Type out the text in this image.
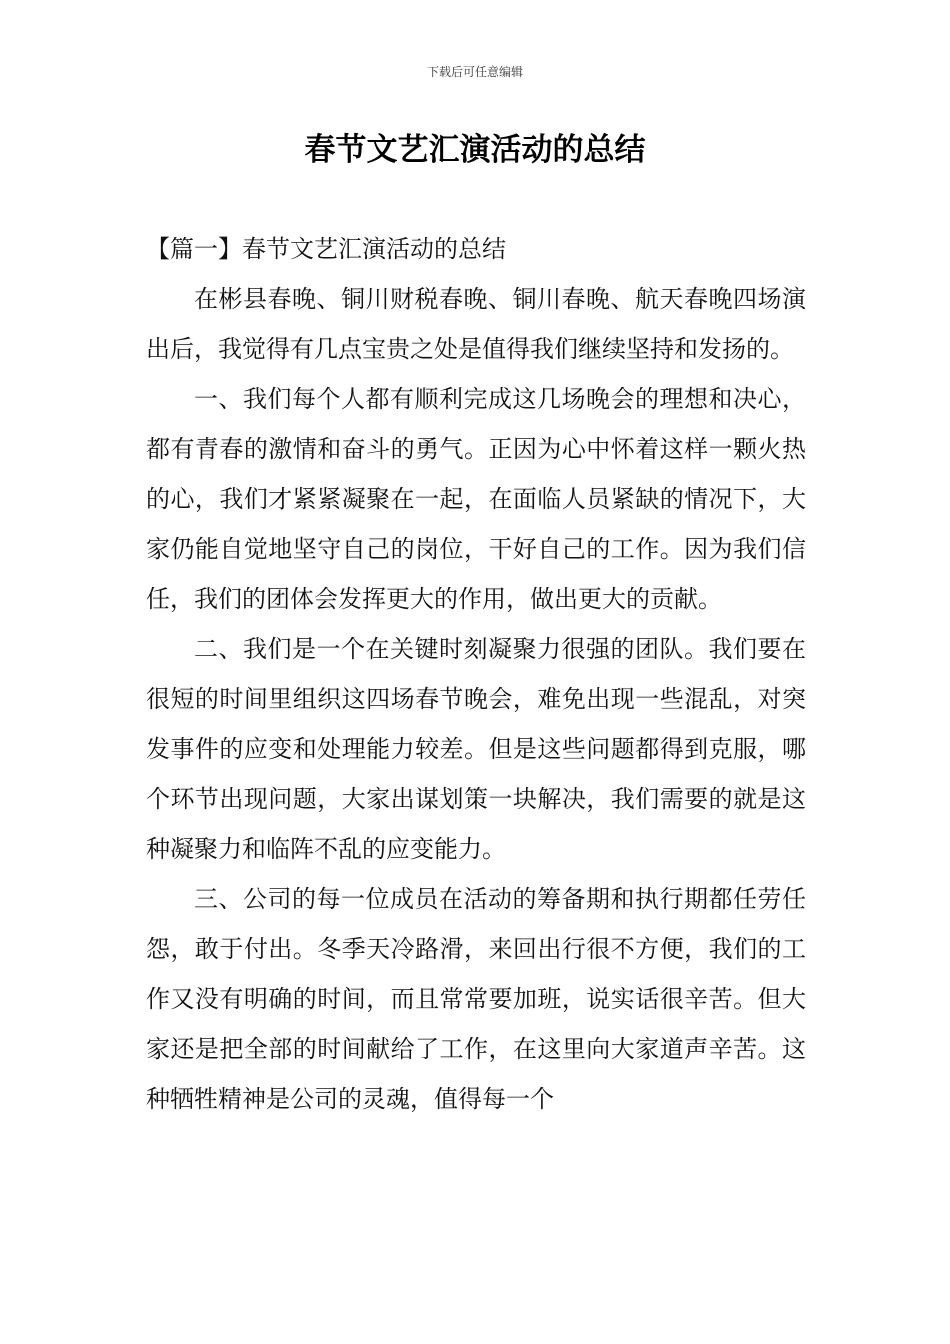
下载后可任意编辑
春节文艺汇演活动的总结

【篇一】春节文艺汇演活动的总结

在彬县春晚、铜川财税春晚、铜川春晚、航天春晚四场演出后，我觉得有几点宝贵之处是值得我们继续坚持和发扬的。

一、我们每个人都有顺利完成这几场晚会的理想和决心，都有青春的激情和奋斗的勇气。正因为心中怀着这样一颗火热的心，我们才紧紧凝聚在一起，在面临人员紧缺的情况下，大家仍能自觉地坚守自己的岗位，干好自己的工作。因为我们信任，我们的团体会发挥更大的作用，做出更大的贡献。

二、我们是一个在关键时刻凝聚力很强的团队。我们要在很短的时间里组织这四场春节晚会，难免出现一些混乱，对突发事件的应变和处理能力较差。但是这些问题都得到克服，哪个环节出现问题，大家出谋划策一块解决，我们需要的就是这种凝聚力和临阵不乱的应变能力。

三、公司的每一位成员在活动的筹备期和执行期都任劳任怨，敢于付出。冬季天冷路滑，来回出行很不方便，我们的工作又没有明确的时间，而且常常要加班，说实话很辛苦。但大家还是把全部的时间献给了工作，在这里向大家道声辛苦。这种牺牲精神是公司的灵魂，值得每一个
